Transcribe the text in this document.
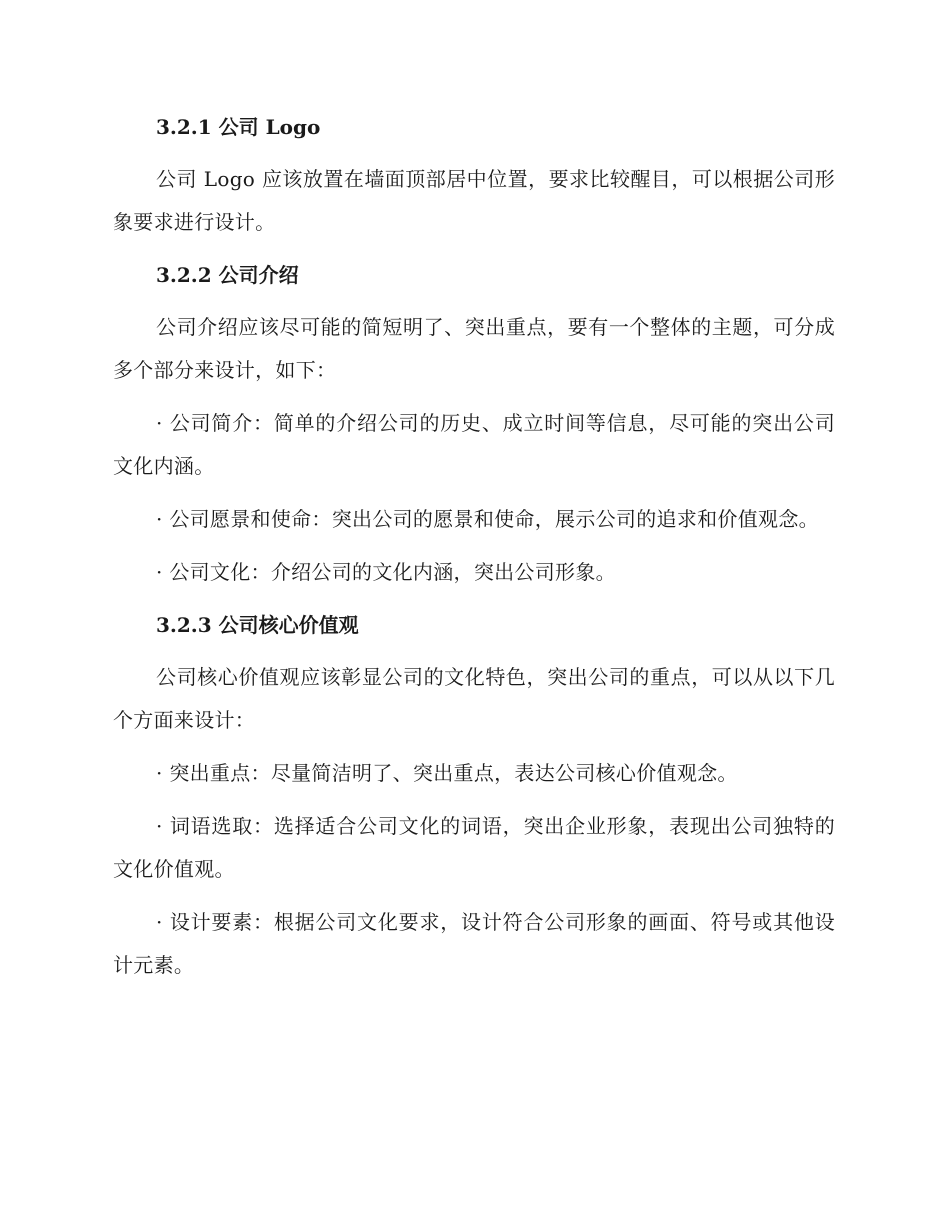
3.2.1 公司 Logo

公司 Logo 应该放置在墙面顶部居中位置，要求比较醒目，可以根据公司形象要求进行设计。

3.2.2 公司介绍

公司介绍应该尽可能的简短明了、突出重点，要有一个整体的主题，可分成多个部分来设计，如下：

· 公司简介：简单的介绍公司的历史、成立时间等信息，尽可能的突出公司文化内涵。

· 公司愿景和使命：突出公司的愿景和使命，展示公司的追求和价值观念。

· 公司文化：介绍公司的文化内涵，突出公司形象。

3.2.3 公司核心价值观

公司核心价值观应该彰显公司的文化特色，突出公司的重点，可以从以下几个方面来设计：

· 突出重点：尽量简洁明了、突出重点，表达公司核心价值观念。

· 词语选取：选择适合公司文化的词语，突出企业形象，表现出公司独特的文化价值观。

· 设计要素：根据公司文化要求，设计符合公司形象的画面、符号或其他设计元素。
